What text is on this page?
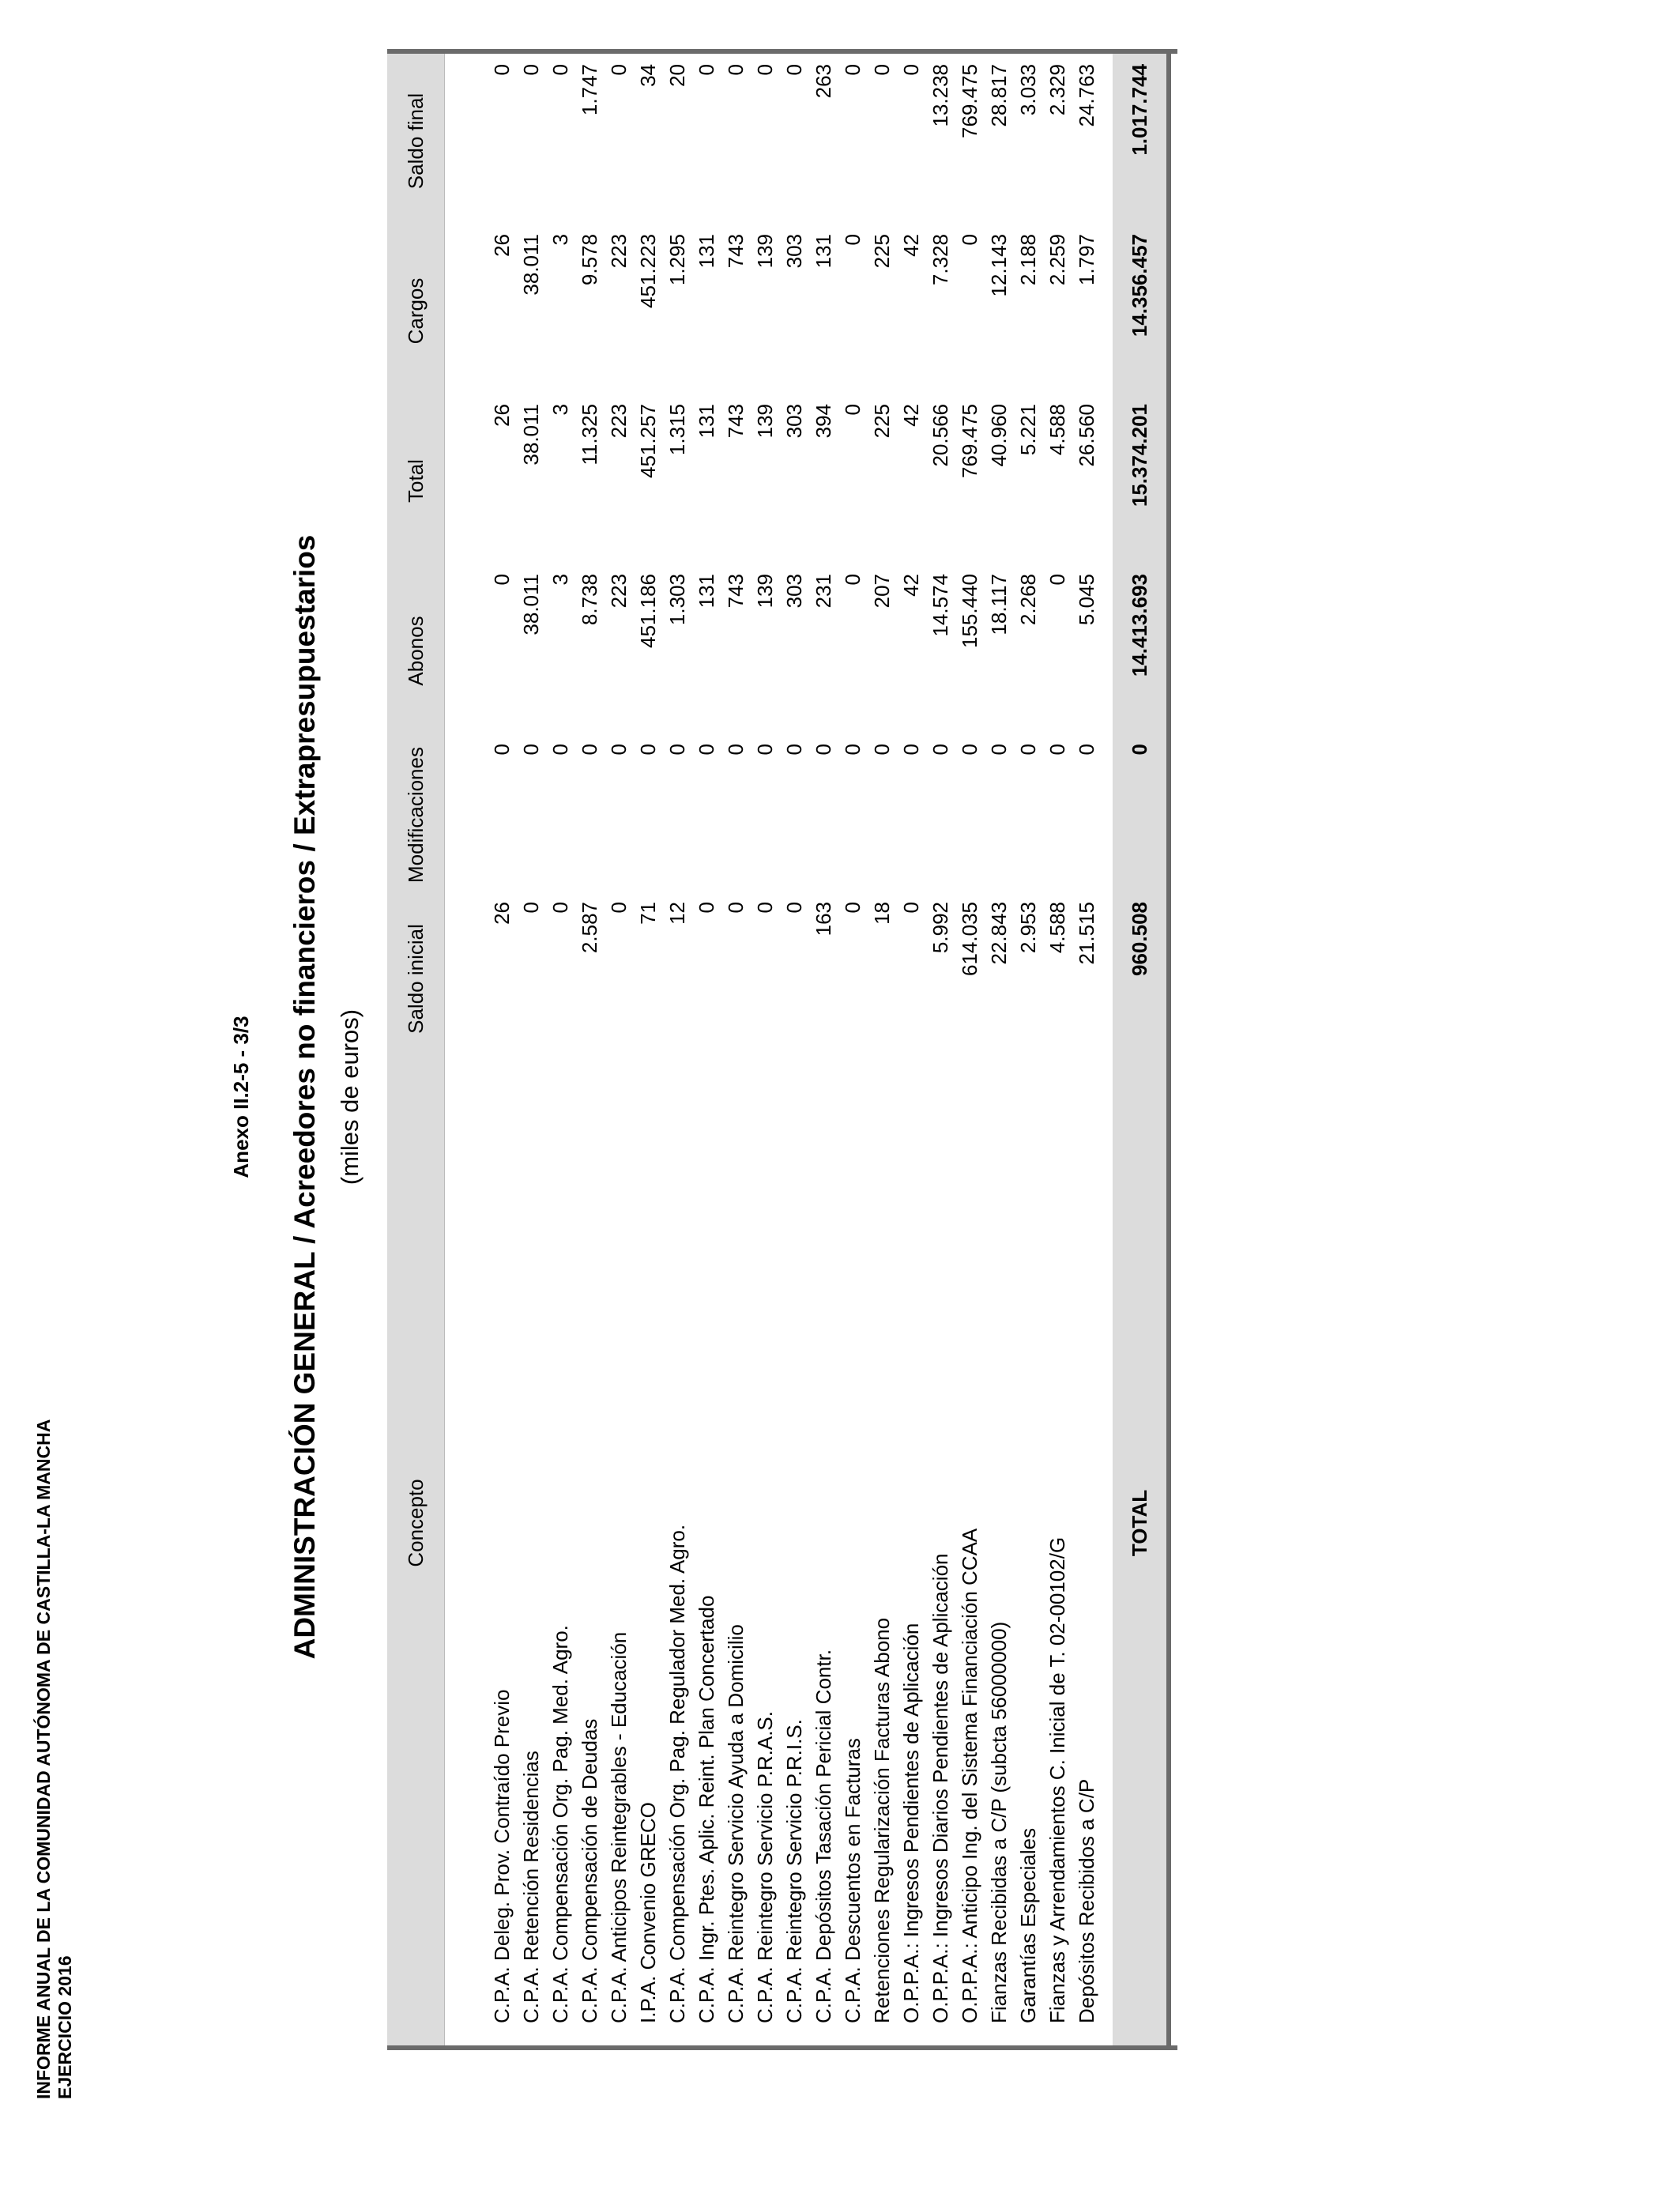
INFORME ANUAL DE LA COMUNIDAD AUTÓNOMA DE CASTILLA-LA MANCHA EJERCICIO 2016
Anexo II.2-5 - 3/3 ADMINISTRACIÓN GENERAL / Acreedores no financieros / Extrapresupuestarios (miles de euros)
Concepto
Saldo inicial
Modificaciones
Abonos
Total
Cargos
Saldo final
C.P.A. Deleg. Prov. Contraído Previo
26
0
0
26
26
0
C.P.A. Retención Residencias
0
0
38.011
38.011
38.011
0
C.P.A. Compensación Org. Pag. Med. Agro.
0
0
3
3
3
0
C.P.A. Compensación de Deudas
2.587
0
8.738
11.325
9.578
1.747
C.P.A. Anticipos Reintegrables - Educación
0
0
223
223
223
0
I.P.A. Convenio GRECO
71
0
451.186
451.257
451.223
34
C.P.A. Compensación Org. Pag. Regulador Med. Agro.
12
0
1.303
1.315
1.295
20
C.P.A. Ingr. Ptes. Aplic. Reint. Plan Concertado
0
0
131
131
131
0
C.P.A. Reintegro Servicio Ayuda a Domicilio
0
0
743
743
743
0
C.P.A. Reintegro Servicio P.R.A.S.
0
0
139
139
139
0
C.P.A. Reintegro Servicio P.R.I.S.
0
0
303
303
303
0
C.P.A. Depósitos Tasación Pericial Contr.
163
0
231
394
131
263
C.P.A. Descuentos en Facturas
0
0
0
0
0
0
Retenciones Regularización Facturas Abono
18
0
207
225
225
0
O.P.P.A.: Ingresos Pendientes de Aplicación
0
0
42
42
42
0
O.P.P.A.: Ingresos Diarios Pendientes de Aplicación
5.992
0
14.574
20.566
7.328
13.238
O.P.P.A.: Anticipo Ing. del Sistema Financiación CCAA
614.035
0
155.440
769.475
0
769.475
Fianzas Recibidas a C/P (subcta 56000000)
22.843
0
18.117
40.960
12.143
28.817
Garantías Especiales
2.953
0
2.268
5.221
2.188
3.033
Fianzas y Arrendamientos C. Inicial de T. 02-00102/G
4.588
0
0
4.588
2.259
2.329
Depósitos Recibidos a C/P
21.515
0
5.045
26.560
1.797
24.763
TOTAL
960.508
0
14.413.693
15.374.201
14.356.457
1.017.744
